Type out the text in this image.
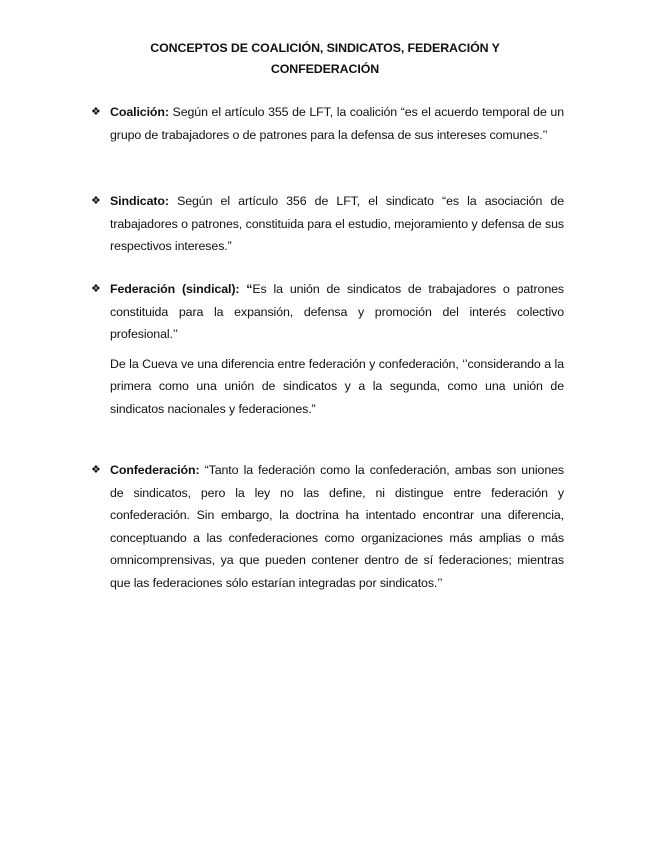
CONCEPTOS DE COALICIÓN, SINDICATOS, FEDERACIÓN Y
CONFEDERACIÓN
❖ Coalición: Según el artículo 355 de LFT, la coalición “es el acuerdo temporal de un grupo de trabajadores o de patrones para la defensa de sus intereses comunes.’’
❖ Sindicato: Según el artículo 356 de LFT, el sindicato “es la asociación de trabajadores o patrones, constituida para el estudio, mejoramiento y defensa de sus respectivos intereses.”
❖ Federación (sindical): “Es la unión de sindicatos de trabajadores o patrones constituida para la expansión, defensa y promoción del interés colectivo profesional.’’
De la Cueva ve una diferencia entre federación y confederación, ‘’considerando a la primera como una unión de sindicatos y a la segunda, como una unión de sindicatos nacionales y federaciones.”
❖ Confederación: “Tanto la federación como la confederación, ambas son uniones de sindicatos, pero la ley no las define, ni distingue entre federación y confederación. Sin embargo, la doctrina ha intentado encontrar una diferencia, conceptuando a las confederaciones como organizaciones más amplias o más omnicomprensivas, ya que pueden contener dentro de sí federaciones; mientras que las federaciones sólo estarían integradas por sindicatos.’’
